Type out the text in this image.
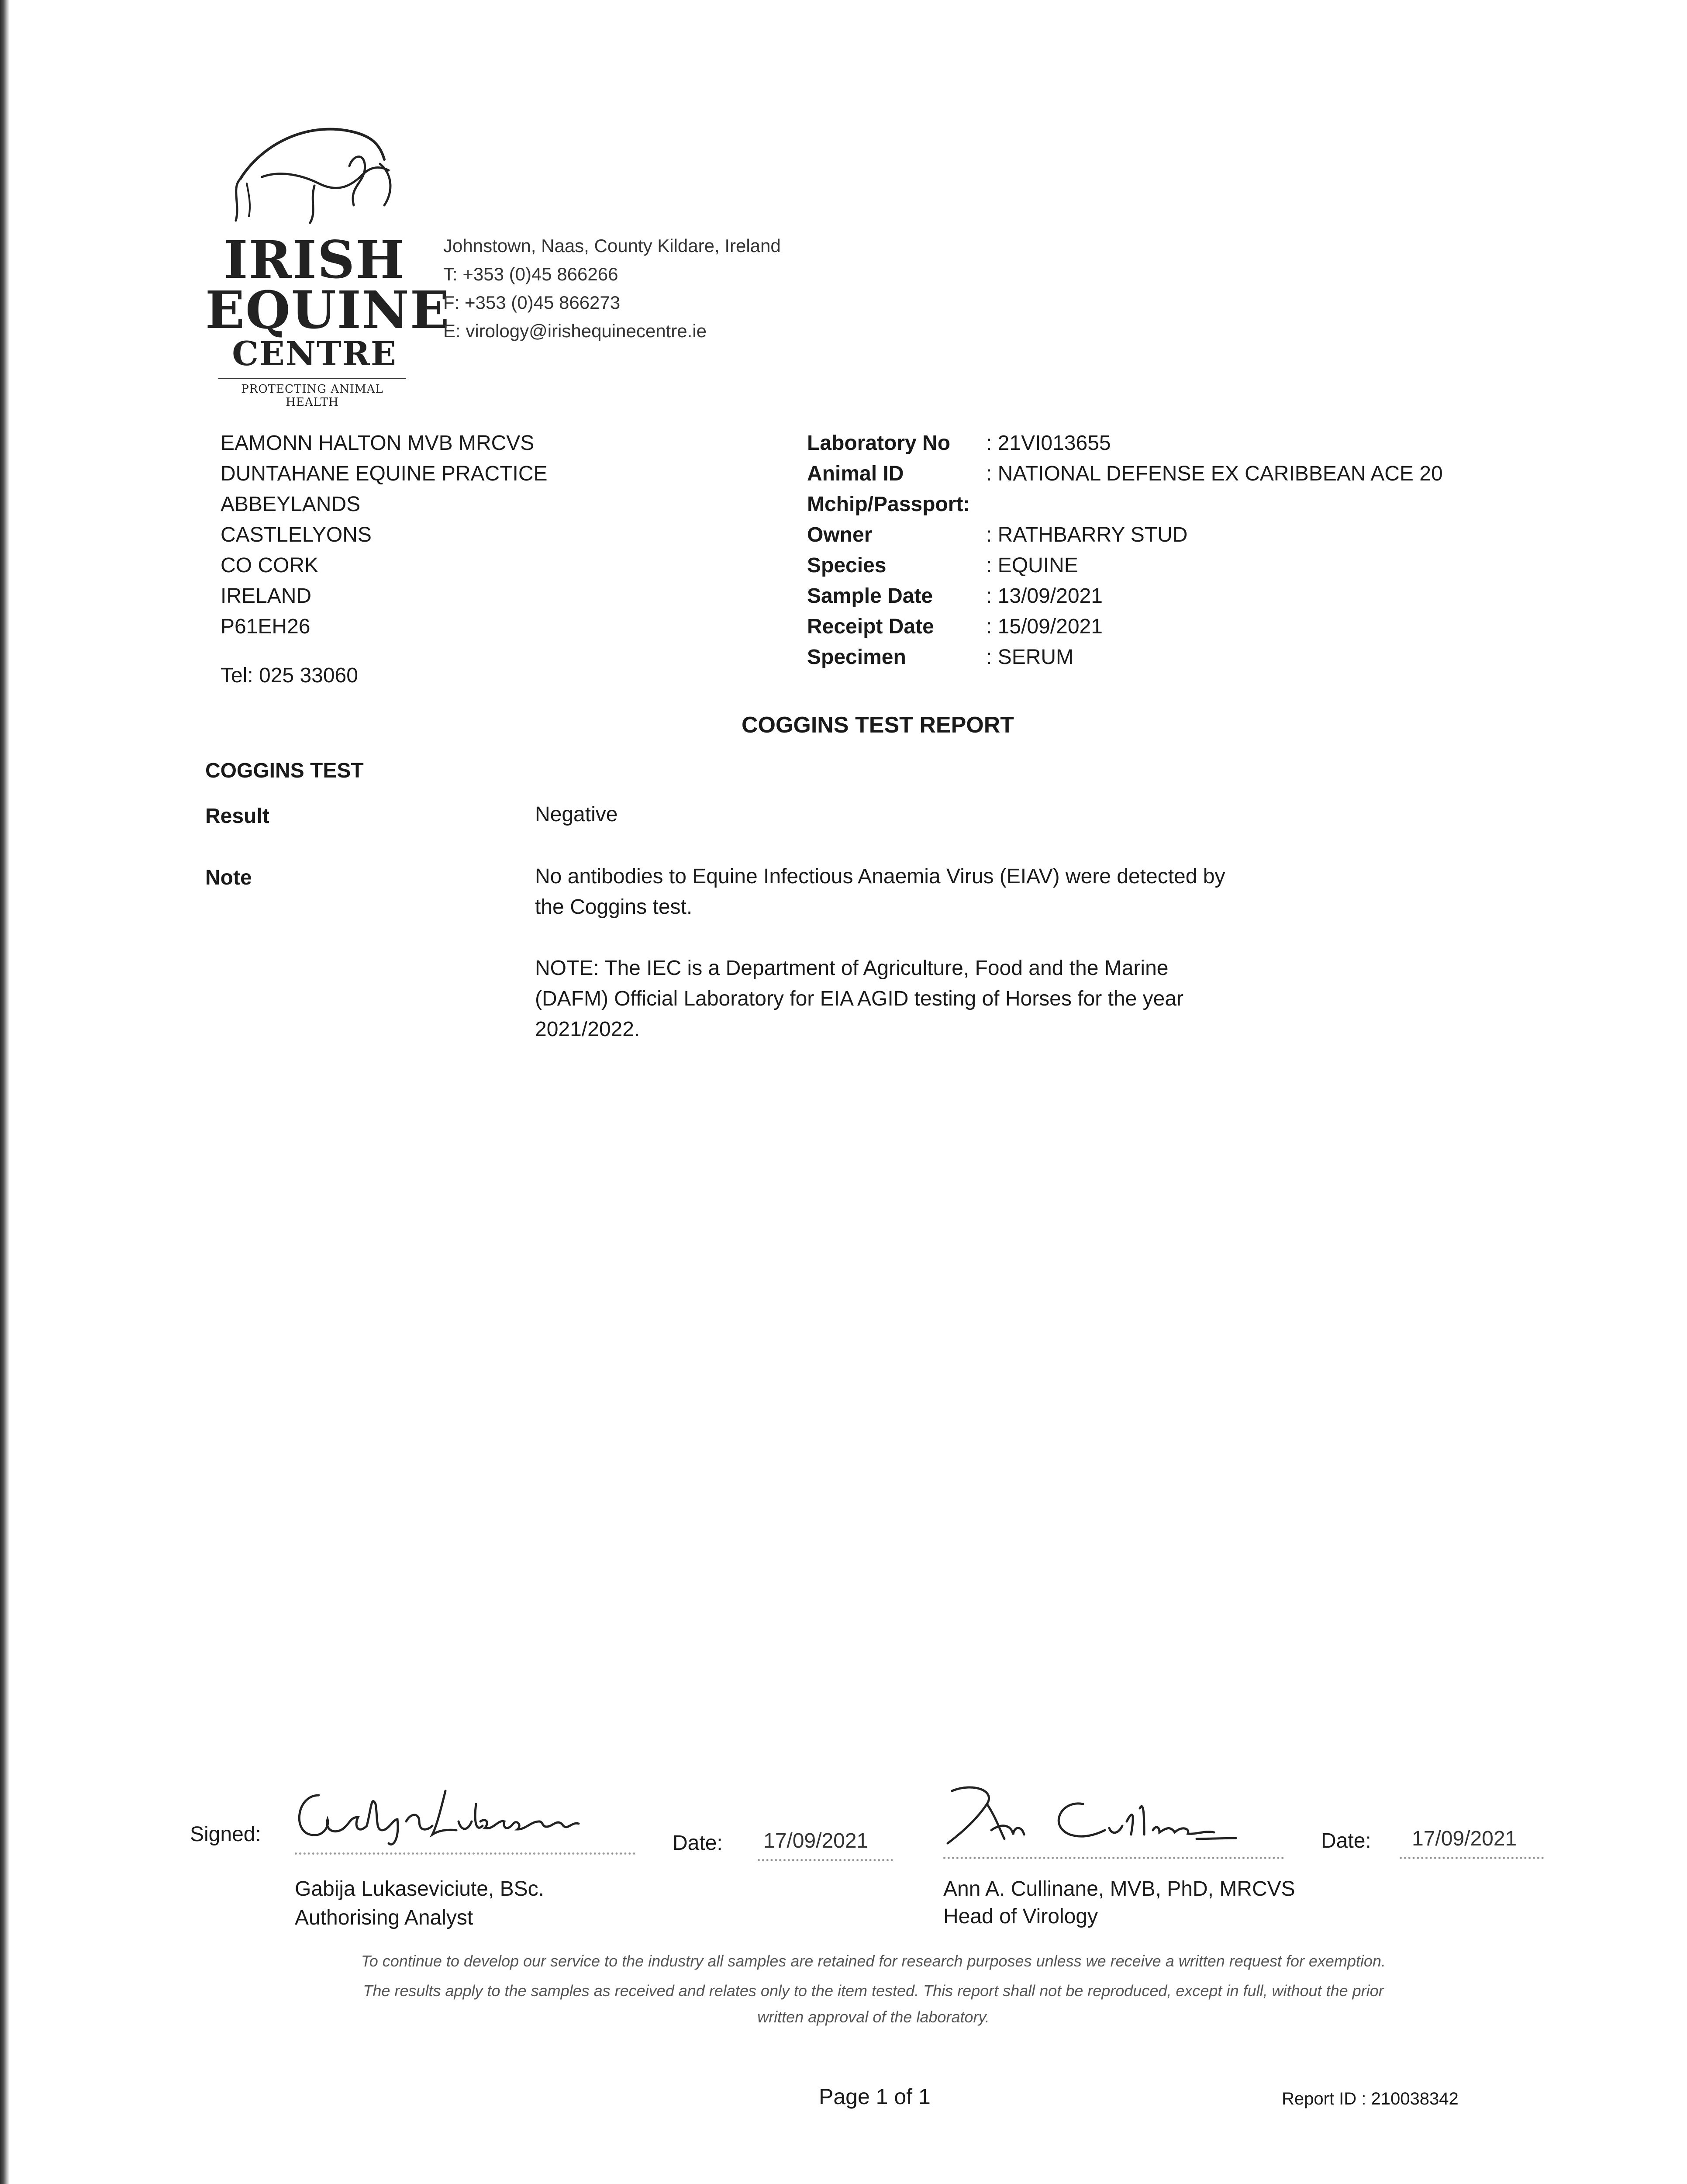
IRISH
EQUINE
CENTRE
PROTECTING ANIMAL HEALTH
Johnstown, Naas, County Kildare, Ireland
T: +353 (0)45 866266
F: +353 (0)45 866273
E: virology@irishequinecentre.ie
EAMONN HALTON MVB MRCVS
DUNTAHANE EQUINE PRACTICE
ABBEYLANDS
CASTLELYONS
CO CORK
IRELAND
P61EH26
Tel: 025 33060
Laboratory No	: 21VI013655
Animal ID	: NATIONAL DEFENSE EX CARIBBEAN ACE 20
Mchip/Passport:
Owner	: RATHBARRY STUD
Species	: EQUINE
Sample Date	: 13/09/2021
Receipt Date	: 15/09/2021
Specimen	: SERUM
COGGINS TEST REPORT
COGGINS TEST
Result	Negative
Note	No antibodies to Equine Infectious Anaemia Virus (EIAV) were detected by
the Coggins test.
NOTE: The IEC is a Department of Agriculture, Food and the Marine
(DAFM) Official Laboratory for EIA AGID testing of Horses for the year
2021/2022.
Signed:	Date: 17/09/2021
Gabija Lukaseviciute, BSc.
Authorising Analyst
Date: 17/09/2021
Ann A. Cullinane, MVB, PhD, MRCVS
Head of Virology
To continue to develop our service to the industry all samples are retained for research purposes unless we receive a written request for exemption.
The results apply to the samples as received and relates only to the item tested. This report shall not be reproduced, except in full, without the prior
written approval of the laboratory.
Page 1 of 1	Report ID : 210038342
